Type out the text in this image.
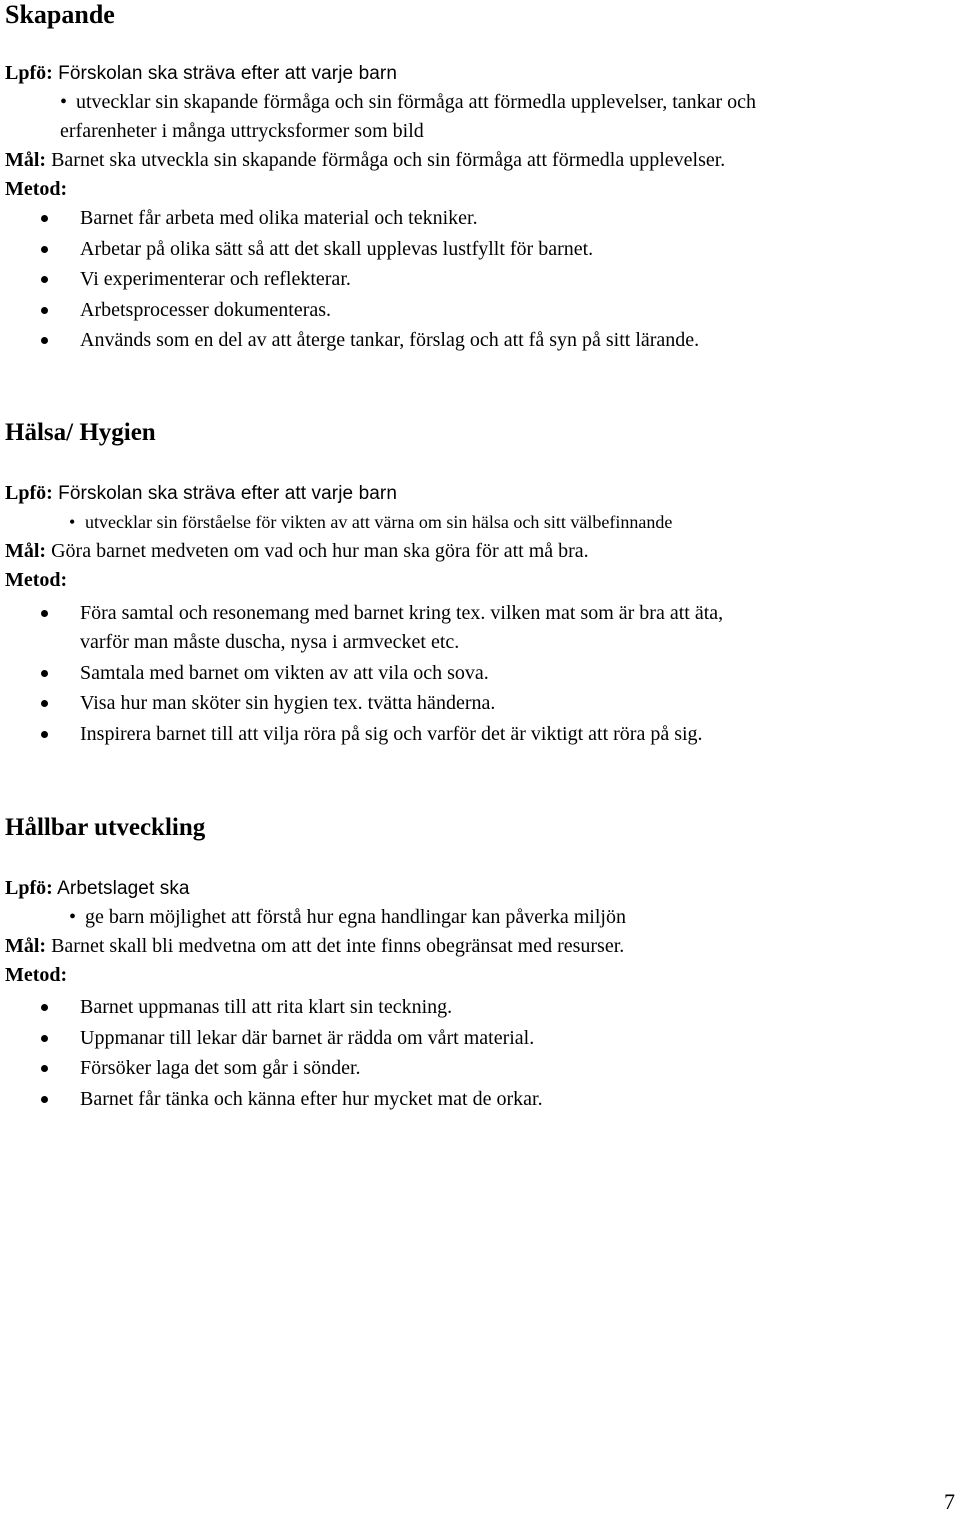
Skapande

Lpfö: Förskolan ska sträva efter att varje barn

• utvecklar sin skapande förmåga och sin förmåga att förmedla upplevelser, tankar och

erfarenheter i många uttrycksformer som bild

Mål: Barnet ska utveckla sin skapande förmåga och sin förmåga att förmedla upplevelser.

Metod:

Barnet får arbeta med olika material och tekniker.
Arbetar på olika sätt så att det skall upplevas lustfyllt för barnet.
Vi experimenterar och reflekterar.
Arbetsprocesser dokumenteras.
Används som en del av att återge tankar, förslag och att få syn på sitt lärande.
Hälsa/ Hygien

Lpfö: Förskolan ska sträva efter att varje barn

• utvecklar sin förståelse för vikten av att värna om sin hälsa och sitt välbefinnande

Mål: Göra barnet medveten om vad och hur man ska göra för att må bra.

Metod:

Föra samtal och resonemang med barnet kring tex. vilken mat som är bra att äta,
varför man måste duscha, nysa i armvecket etc.
Samtala med barnet om vikten av att vila och sova.
Visa hur man sköter sin hygien tex. tvätta händerna.
Inspirera barnet till att vilja röra på sig och varför det är viktigt att röra på sig.
Hållbar utveckling

Lpfö: Arbetslaget ska

• ge barn möjlighet att förstå hur egna handlingar kan påverka miljön

Mål: Barnet skall bli medvetna om att det inte finns obegränsat med resurser.

Metod:

Barnet uppmanas till att rita klart sin teckning.
Uppmanar till lekar där barnet är rädda om vårt material.
Försöker laga det som går i sönder.
Barnet får tänka och känna efter hur mycket mat de orkar.
7
